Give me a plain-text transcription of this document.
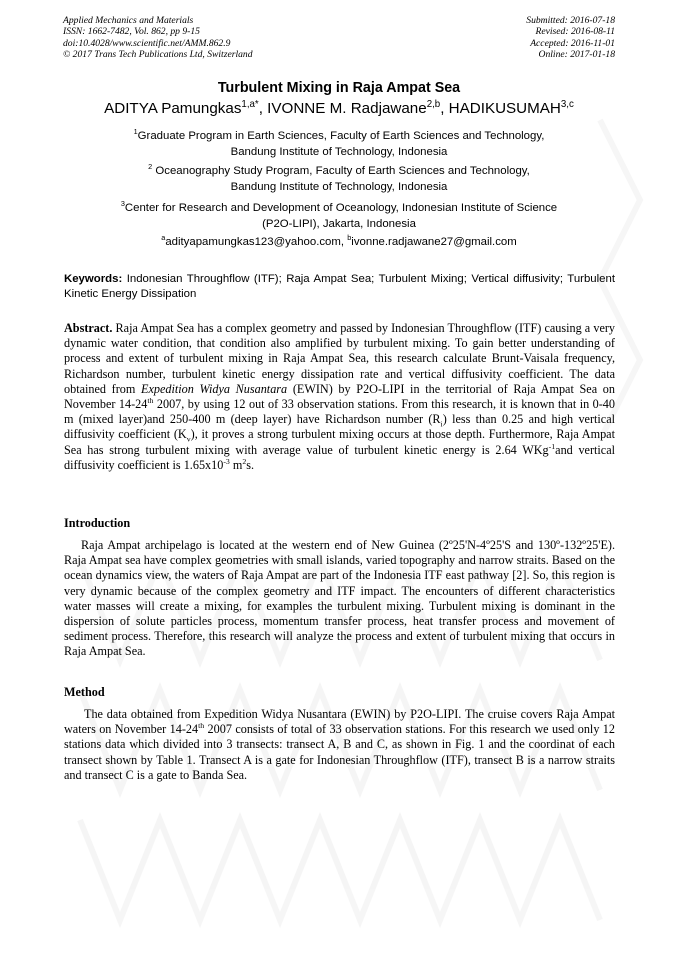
Applied Mechanics and Materials
ISSN: 1662-7482, Vol. 862, pp 9-15
doi:10.4028/www.scientific.net/AMM.862.9
© 2017 Trans Tech Publications Ltd, Switzerland
Submitted: 2016-07-18
Revised: 2016-08-11
Accepted: 2016-11-01
Online: 2017-01-18
Turbulent Mixing in Raja Ampat Sea
ADITYA Pamungkas$^{1,a*}$, IVONNE M. Radjawane$^{2,b}$, HADIKUSUMAH$^{3,c}$
$^1$Graduate Program in Earth Sciences, Faculty of Earth Sciences and Technology,
Bandung Institute of Technology, Indonesia
$^2$ Oceanography Study Program, Faculty of Earth Sciences and Technology,
Bandung Institute of Technology, Indonesia
$^3$Center for Research and Development of Oceanology, Indonesian Institute of Science
(P2O-LIPI), Jakarta, Indonesia
$^a$adityapamungkas123@yahoo.com, $^b$ivonne.radjawane27@gmail.com
Keywords: Indonesian Throughflow (ITF); Raja Ampat Sea; Turbulent Mixing; Vertical diffusivity; Turbulent Kinetic Energy Dissipation
Abstract. Raja Ampat Sea has a complex geometry and passed by Indonesian Throughflow (ITF) causing a very dynamic water condition, that condition also amplified by turbulent mixing. To gain better understanding of process and extent of turbulent mixing in Raja Ampat Sea, this research calculate Brunt-Vaisala frequency, Richardson number, turbulent kinetic energy dissipation rate and vertical diffusivity coefficient. The data obtained from Expedition Widya Nusantara (EWIN) by P2O-LIPI in the territorial of Raja Ampat Sea on November 14-24th 2007, by using 12 out of 33 observation stations. From this research, it is known that in 0-40 m (mixed layer)and 250-400 m (deep layer) have Richardson number $(R_i)$ less than 0.25 and high vertical diffusivity coefficient $(K_v)$, it proves a strong turbulent mixing occurs at those depth. Furthermore, Raja Ampat Sea has strong turbulent mixing with average value of turbulent kinetic energy is 2.64 WKg$^{-1}$and vertical diffusivity coefficient is $1.65x10^{-3}$ $m^2s$.
Introduction
Raja Ampat archipelago is located at the western end of New Guinea (2º25'N-4º25'S and 130º-132º25'E). Raja Ampat sea have complex geometries with small islands, varied topography and narrow straits. Based on the ocean dynamics view, the waters of Raja Ampat are part of the Indonesia ITF east pathway [2]. So, this region is very dynamic because of the complex geometry and ITF impact. The encounters of different characteristics water masses will create a mixing, for examples the turbulent mixing. Turbulent mixing is dominant in the dispersion of solute particles process, momentum transfer process, heat transfer process and movement of sediment process. Therefore, this research will analyze the process and extent of turbulent mixing that occurs in Raja Ampat Sea.
Method
The data obtained from Expedition Widya Nusantara (EWIN) by P2O-LIPI. The cruise covers Raja Ampat waters on November 14-24th 2007 consists of total of 33 observation stations. For this research we used only 12 stations data which divided into 3 transects: transect A, B and C, as shown in Fig. 1 and the coordinat of each transect shown by Table 1. Transect A is a gate for Indonesian Throughflow (ITF), transect B is a narrow straits and transect C is a gate to Banda Sea.
